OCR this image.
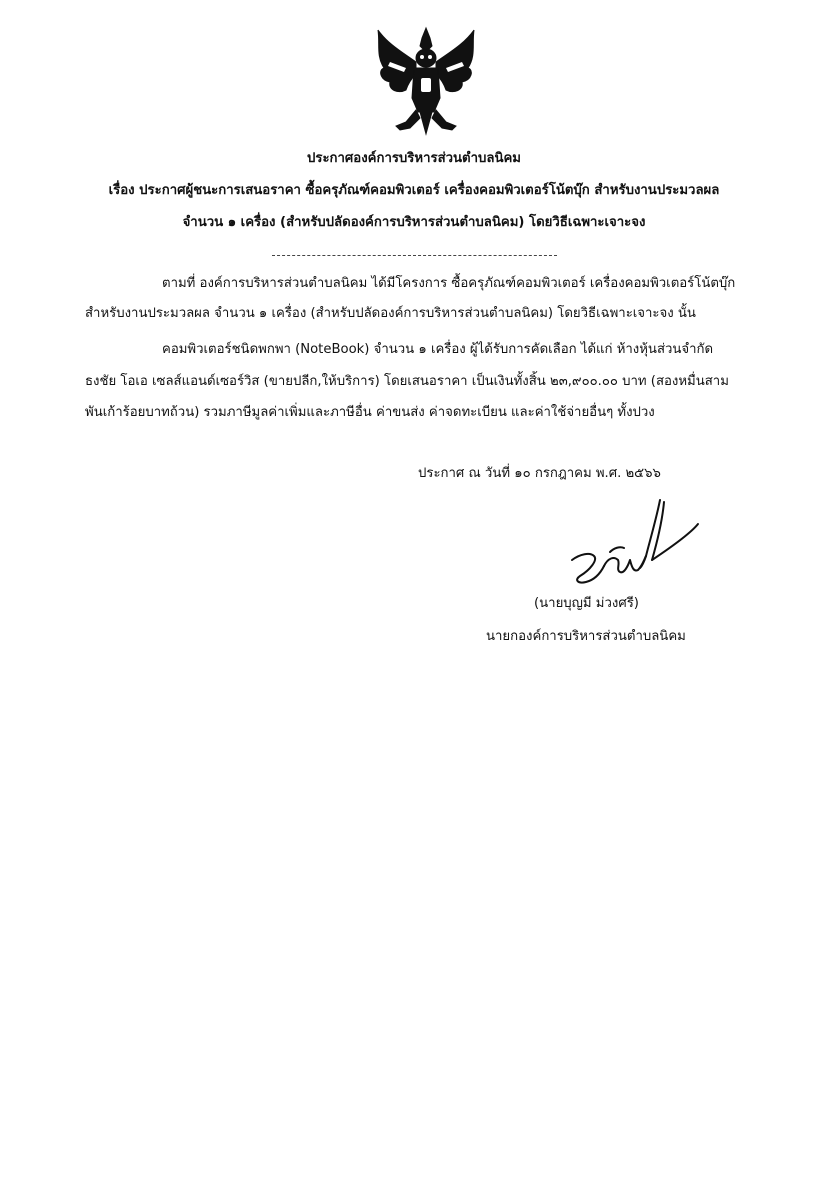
ประกาศองค์การบริหารส่วนตำบลนิคม
เรื่อง ประกาศผู้ชนะการเสนอราคา ซื้อครุภัณฑ์คอมพิวเตอร์ เครื่องคอมพิวเตอร์โน้ตบุ๊ก สำหรับงานประมวลผล
จำนวน ๑ เครื่อง (สำหรับปลัดองค์การบริหารส่วนตำบลนิคม) โดยวิธีเฉพาะเจาะจง
ตามที่ องค์การบริหารส่วนตำบลนิคม ได้มีโครงการ ซื้อครุภัณฑ์คอมพิวเตอร์ เครื่องคอมพิวเตอร์โน้ตบุ๊ก
สำหรับงานประมวลผล จำนวน ๑ เครื่อง (สำหรับปลัดองค์การบริหารส่วนตำบลนิคม) โดยวิธีเฉพาะเจาะจง นั้น
คอมพิวเตอร์ชนิดพกพา (NoteBook) จำนวน ๑ เครื่อง ผู้ได้รับการคัดเลือก ได้แก่ ห้างหุ้นส่วนจำกัด
ธงชัย โอเอ เซลส์แอนด์เซอร์วิส (ขายปลีก,ให้บริการ) โดยเสนอราคา เป็นเงินทั้งสิ้น ๒๓,๙๐๐.๐๐ บาท (สองหมื่นสาม
พันเก้าร้อยบาทถ้วน) รวมภาษีมูลค่าเพิ่มและภาษีอื่น ค่าขนส่ง ค่าจดทะเบียน และค่าใช้จ่ายอื่นๆ ทั้งปวง
ประกาศ ณ วันที่ ๑๐ กรกฎาคม พ.ศ. ๒๕๖๖
(นายบุญมี ม่วงศรี)
นายกองค์การบริหารส่วนตำบลนิคม
